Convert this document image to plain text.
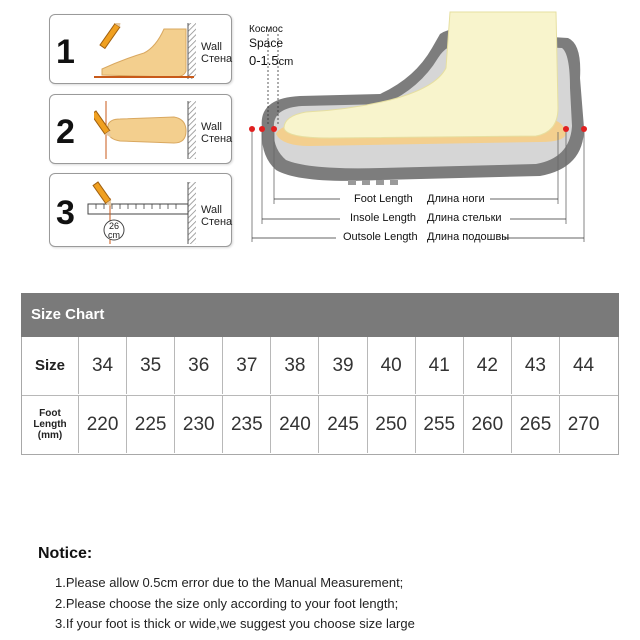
1	Wall
Стена
2	Wall
Стена
3	26
cm
Wall
Стена
Космос
Space
0-1.5cm
Foot Length Длина ноги
Insole Length Длина стельки
Outsole Length Длина подошвы
Size Chart
Size	34	35	36	37	38	39	40	41	42	43	44
Foot Length
(mm)
220 225 230 235 240 245 250 255 260 265 270
Notice:
1.Please allow 0.5cm error due to the Manual Measurement;
2.Please choose the size only according to your foot length;
3.If your foot is thick or wide,we suggest you choose size large
